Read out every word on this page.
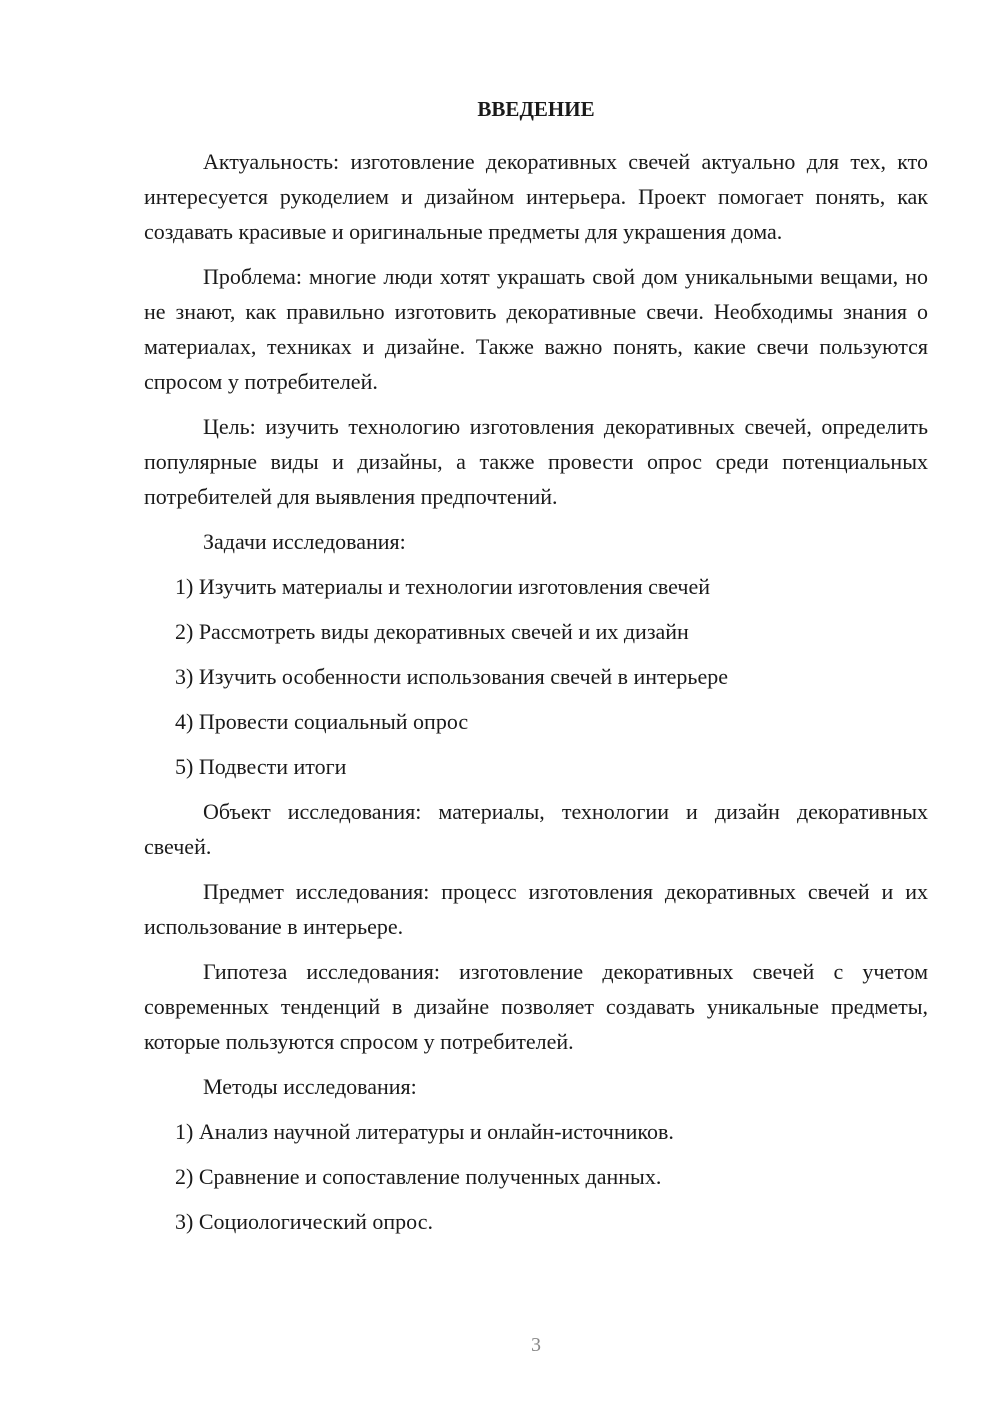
ВВЕДЕНИЕ

Актуальность: изготовление декоративных свечей актуально для тех, кто интересуется рукоделием и дизайном интерьера. Проект помогает понять, как создавать красивые и оригинальные предметы для украшения дома.

Проблема: многие люди хотят украшать свой дом уникальными вещами, но не знают, как правильно изготовить декоративные свечи. Необходимы знания о материалах, техниках и дизайне. Также важно понять, какие свечи пользуются спросом у потребителей.

Цель: изучить технологию изготовления декоративных свечей, определить популярные виды и дизайны, а также провести опрос среди потенциальных потребителей для выявления предпочтений.

Задачи исследования:

1) Изучить материалы и технологии изготовления свечей
2) Рассмотреть виды декоративных свечей и их дизайн
3) Изучить особенности использования свечей в интерьере
4) Провести социальный опрос
5) Подвести итоги

Объект исследования: материалы, технологии и дизайн декоративных свечей.

Предмет исследования: процесс изготовления декоративных свечей и их использование в интерьере.

Гипотеза исследования: изготовление декоративных свечей с учетом современных тенденций в дизайне позволяет создавать уникальные предметы, которые пользуются спросом у потребителей.

Методы исследования:

1) Анализ научной литературы и онлайн-источников.
2) Сравнение и сопоставление полученных данных.
3) Социологический опрос.
3
